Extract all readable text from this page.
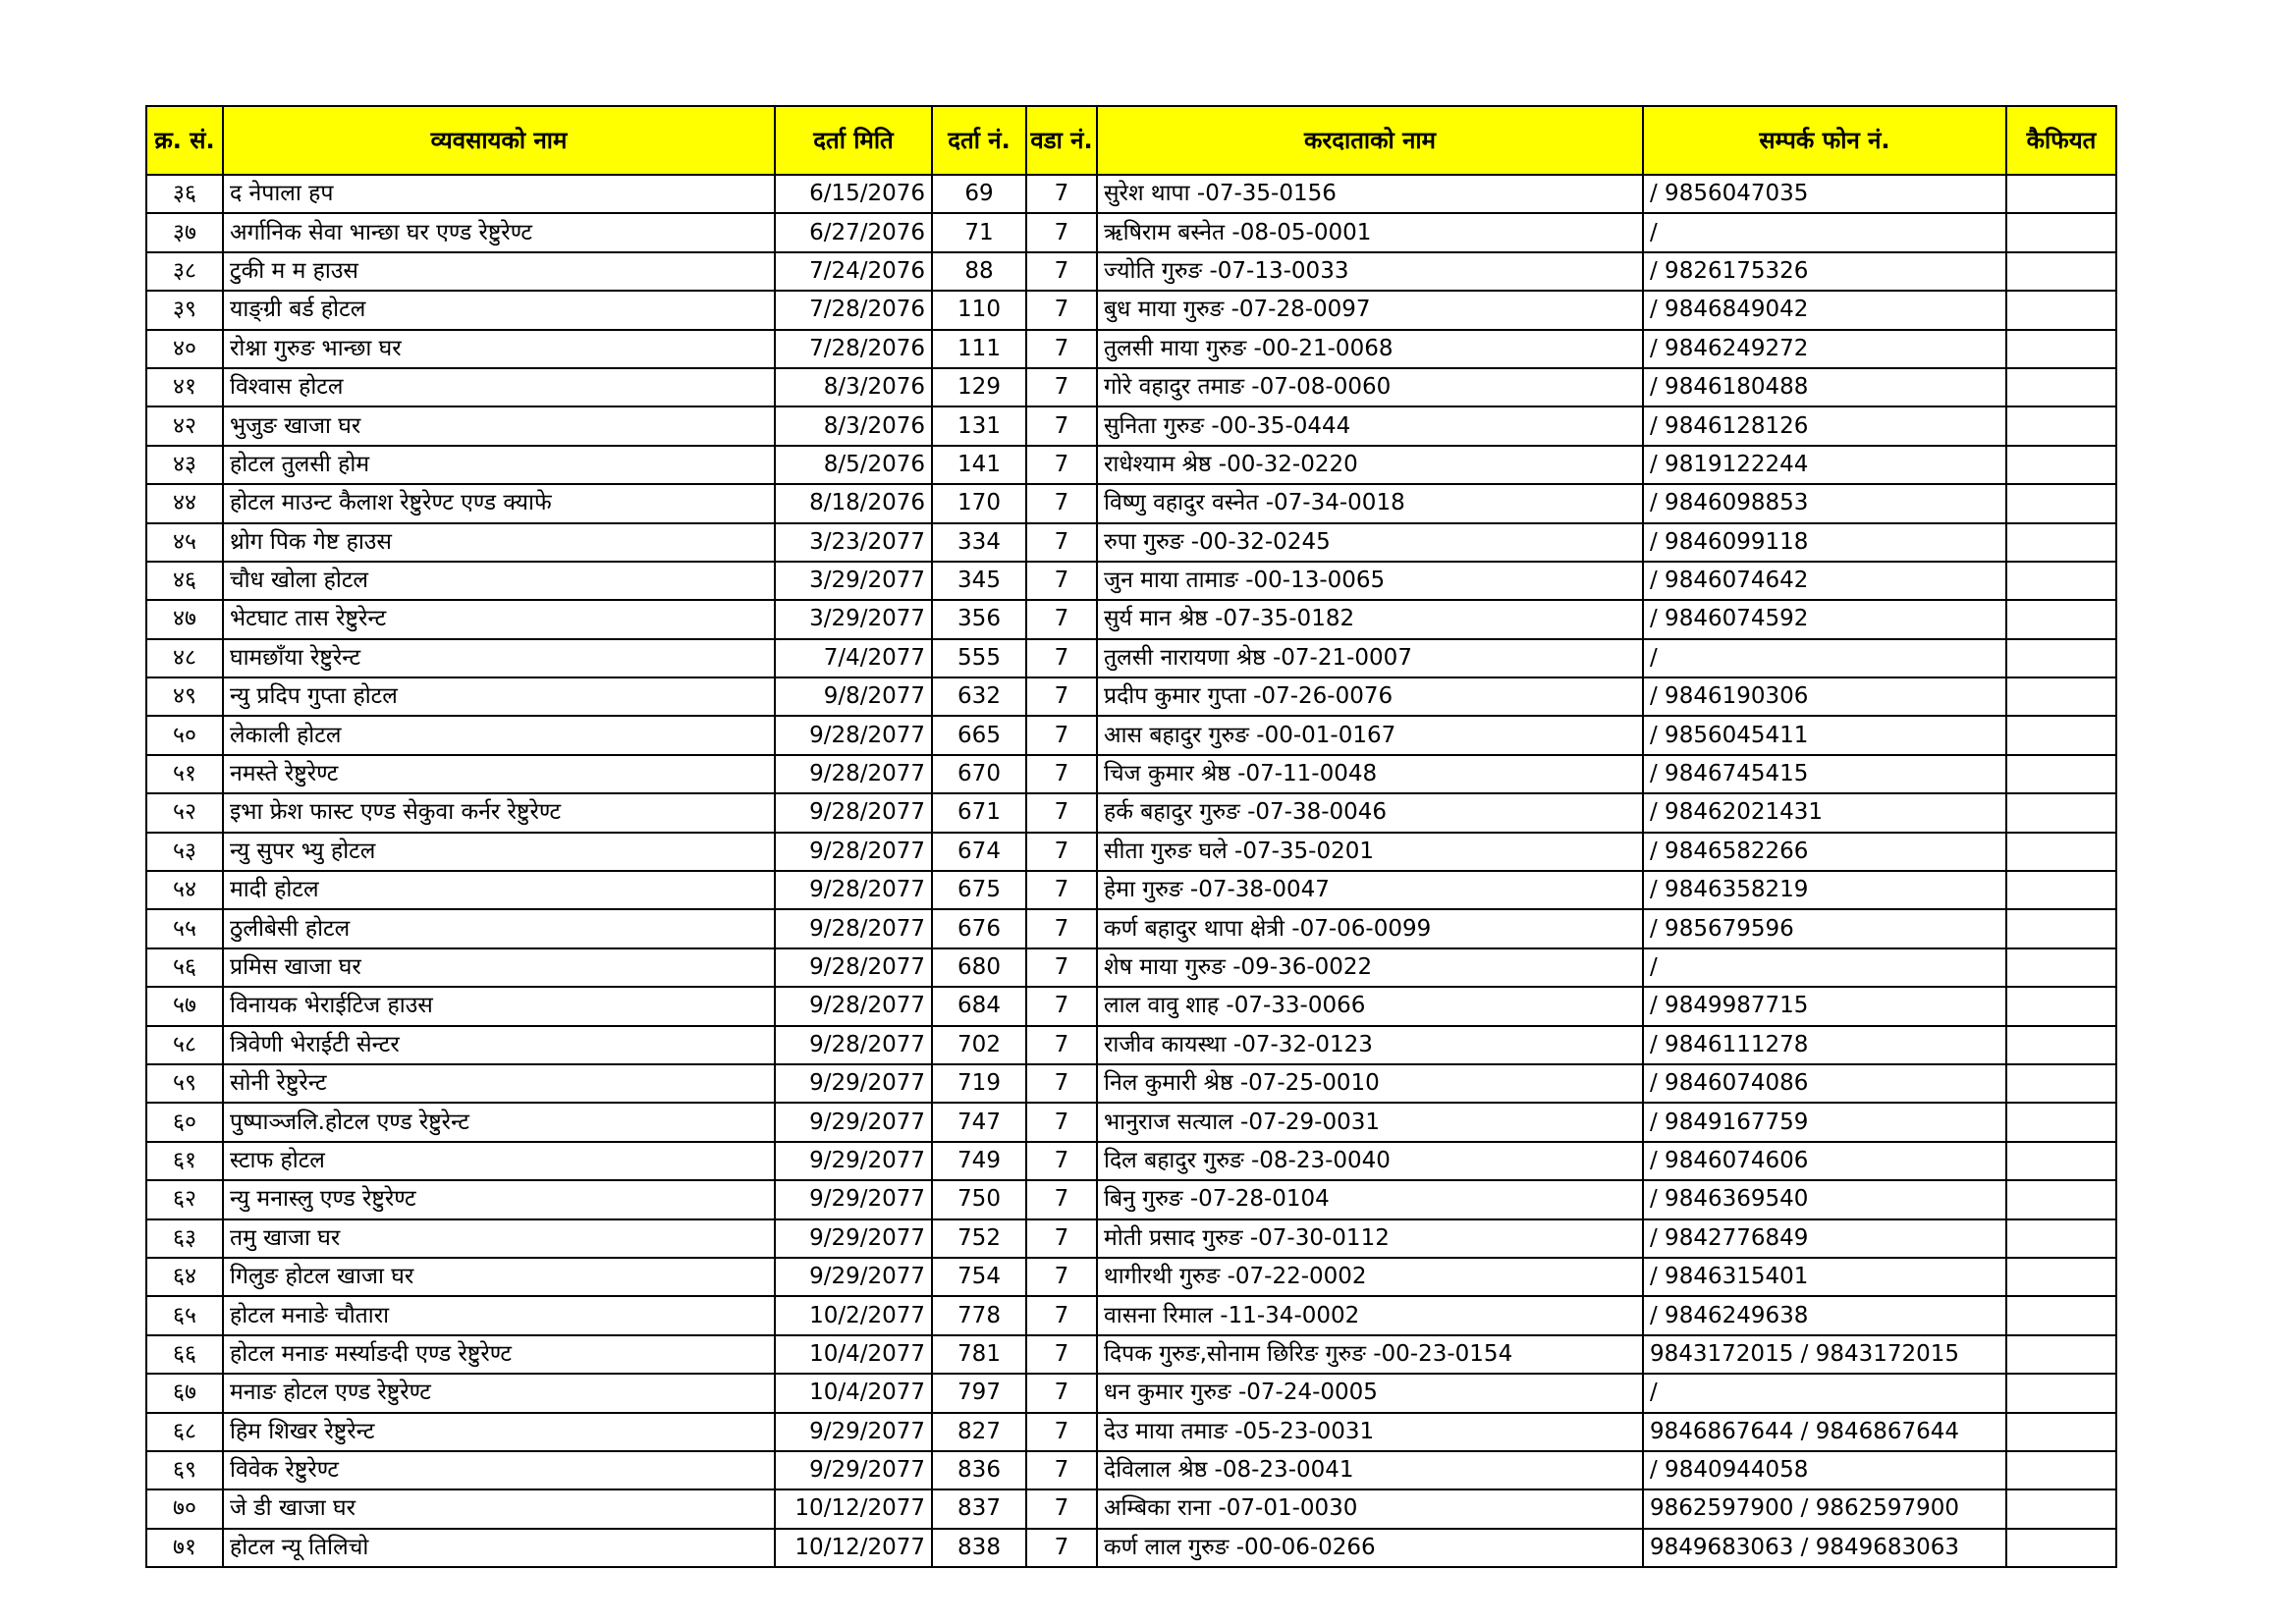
क्र. सं.	व्यवसायको नाम	दर्ता मिति	दर्ता नं.	वडा नं.	करदाताको नाम	सम्पर्क फोन नं.	कैफियत
३६	द नेपाला हप	6/15/2076	69	7	सुरेश थापा -07-35-0156	/ 9856047035	
३७	अर्गानिक सेवा भान्छा घर एण्ड रेष्टुरेण्ट	6/27/2076	71	7	ऋषिराम बस्नेत -08-05-0001	/	
३८	टुकी म म हाउस	7/24/2076	88	7	ज्योति गुरुङ -07-13-0033	/ 9826175326	
३९	याङ्ग्री बर्ड होटल	7/28/2076	110	7	बुध माया गुरुङ -07-28-0097	/ 9846849042	
४०	रोश्ना गुरुङ भान्छा घर	7/28/2076	111	7	तुलसी माया गुरुङ -00-21-0068	/ 9846249272	
४१	विश्वास होटल	8/3/2076	129	7	गोरे वहादुर तमाङ -07-08-0060	/ 9846180488	
४२	भुजुङ खाजा घर	8/3/2076	131	7	सुनिता गुरुङ -00-35-0444	/ 9846128126	
४३	होटल तुलसी होम	8/5/2076	141	7	राधेश्याम श्रेष्ठ -00-32-0220	/ 9819122244	
४४	होटल माउन्ट कैलाश रेष्टुरेण्ट एण्ड क्याफे	8/18/2076	170	7	विष्णु वहादुर वस्नेत -07-34-0018	/ 9846098853	
४५	थ्रोग पिक गेष्ट हाउस	3/23/2077	334	7	रुपा गुरुङ -00-32-0245	/ 9846099118	
४६	चौध खोला होटल	3/29/2077	345	7	जुन माया तामाङ -00-13-0065	/ 9846074642	
४७	भेटघाट तास रेष्टुरेन्ट	3/29/2077	356	7	सुर्य मान श्रेष्ठ -07-35-0182	/ 9846074592	
४८	घामछाँया रेष्टुरेन्ट	7/4/2077	555	7	तुलसी नारायणा श्रेष्ठ -07-21-0007	/	
४९	न्यु प्रदिप गुप्ता होटल	9/8/2077	632	7	प्रदीप कुमार गुप्ता -07-26-0076	/ 9846190306	
५०	लेकाली होटल	9/28/2077	665	7	आस बहादुर गुरुङ -00-01-0167	/ 9856045411	
५१	नमस्ते रेष्टुरेण्ट	9/28/2077	670	7	चिज कुमार श्रेष्ठ -07-11-0048	/ 9846745415	
५२	इभा फ्रेश फास्ट एण्ड सेकुवा कर्नर रेष्टुरेण्ट	9/28/2077	671	7	हर्क बहादुर गुरुङ -07-38-0046	/ 98462021431	
५३	न्यु सुपर भ्यु होटल	9/28/2077	674	7	सीता गुरुङ घले -07-35-0201	/ 9846582266	
५४	मादी होटल	9/28/2077	675	7	हेमा गुरुङ -07-38-0047	/ 9846358219	
५५	ठुलीबेसी होटल	9/28/2077	676	7	कर्ण बहादुर थापा क्षेत्री -07-06-0099	/ 985679596	
५६	प्रमिस खाजा घर	9/28/2077	680	7	शेष माया गुरुङ -09-36-0022	/	
५७	विनायक भेराईटिज हाउस	9/28/2077	684	7	लाल वावु शाह -07-33-0066	/ 9849987715	
५८	त्रिवेणी भेराईटी सेन्टर	9/28/2077	702	7	राजीव कायस्था -07-32-0123	/ 9846111278	
५९	सोनी रेष्टुरेन्ट	9/29/2077	719	7	निल कुमारी श्रेष्ठ -07-25-0010	/ 9846074086	
६०	पुष्पाञ्जलि.होटल एण्ड रेष्टुरेन्ट	9/29/2077	747	7	भानुराज सत्याल -07-29-0031	/ 9849167759	
६१	स्टाफ होटल	9/29/2077	749	7	दिल बहादुर गुरुङ -08-23-0040	/ 9846074606	
६२	न्यु मनास्लु एण्ड रेष्टुरेण्ट	9/29/2077	750	7	बिनु गुरुङ -07-28-0104	/ 9846369540	
६३	तमु खाजा घर	9/29/2077	752	7	मोती प्रसाद गुरुङ -07-30-0112	/ 9842776849	
६४	गिलुङ होटल खाजा घर	9/29/2077	754	7	थागीरथी गुरुङ -07-22-0002	/ 9846315401	
६५	होटल मनाङे चौतारा	10/2/2077	778	7	वासना रिमाल -11-34-0002	/ 9846249638	
६६	होटल मनाङ मर्स्याङदी एण्ड रेष्टुरेण्ट	10/4/2077	781	7	दिपक गुरुङ,सोनाम छिरिङ गुरुङ -00-23-0154	9843172015 / 9843172015	
६७	मनाङ होटल एण्ड रेष्टुरेण्ट	10/4/2077	797	7	धन कुमार गुरुङ -07-24-0005	/	
६८	हिम शिखर रेष्टुरेन्ट	9/29/2077	827	7	देउ माया तमाङ -05-23-0031	9846867644 / 9846867644	
६९	विवेक रेष्टुरेण्ट	9/29/2077	836	7	देविलाल श्रेष्ठ -08-23-0041	/ 9840944058	
७०	जे डी खाजा घर	10/12/2077	837	7	अम्बिका राना -07-01-0030	9862597900 / 9862597900	
७१	होटल न्यू तिलिचो	10/12/2077	838	7	कर्ण लाल गुरुङ -00-06-0266	9849683063 / 9849683063	
